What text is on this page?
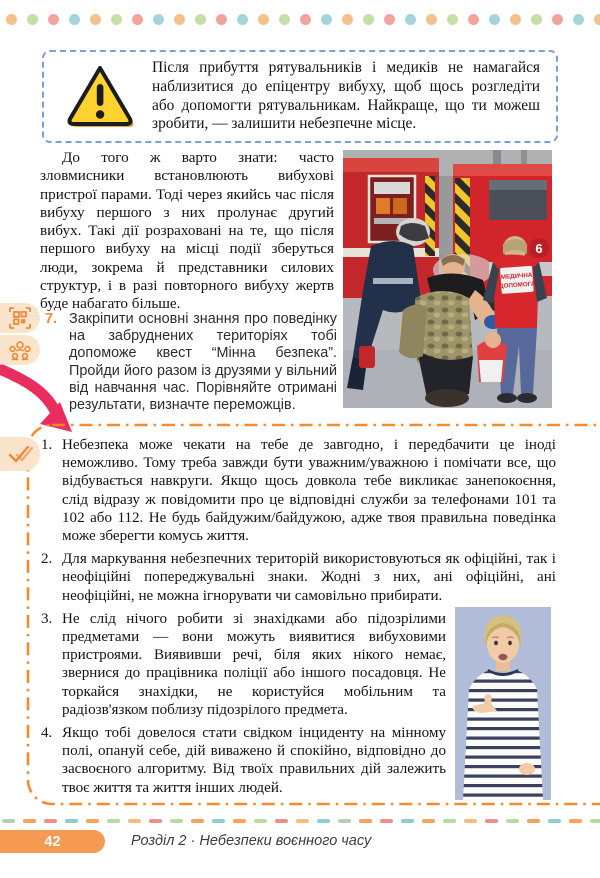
Після прибуття рятувальників і медиків не намагайся наблизитися до епіцентру вибуху, щоб щось розгледіти або допомогти рятувальникам. Найкраще, що ти можеш зробити, — залишити небезпечне місце.

До того ж варто знати: часто зловмисники встановлюють вибухові пристрої парами. Тоді через якийсь час після вибуху першого з них пролунає другий вибух. Такі дії розраховані на те, що після першого вибуху на місці події зберуться люди, зокрема й представники силових структур, і в разі повторного вибуху жертв буде набагато більше.

7. Закріпити основні знання про поведінку на забруднених територіях тобі допоможе квест “Мінна безпека”. Пройди його разом із друзями у вільний від навчання час. Порівняйте отримані результати, визначте переможців.

6
МЕДИЧНА
ДОПОМОГА
1. Небезпека може чекати на тебе де завгодно, і передбачити це іноді неможливо. Тому треба завжди бути уважним/уважною і помічати все, що відбувається навкруги. Якщо щось довкола тебе викликає занепокоєння, слід відразу ж повідомити про це відповідні служби за телефонами 101 та 102 або 112. Не будь байдужим/байдужою, адже твоя правильна поведінка може зберегти комусь життя.
2. Для маркування небезпечних територій використовуються як офіційні, так і неофіційні попереджувальні знаки. Жодні з них, ані офіційні, ані неофіційні, не можна ігнорувати чи самовільно прибирати.
3. Не слід нічого робити зі знахідками або підозрілими предметами — вони можуть виявитися вибуховими пристроями. Виявивши речі, біля яких нікого немає, звернися до працівника поліції або іншого посадовця. Не торкайся знахідки, не користуйся мобільним та радіозв'язком поблизу підозрілого предмета.
4. Якщо тобі довелося стати свідком інциденту на мінному полі, опануй себе, дій виважено й спокійно, відповідно до засвоєного алгоритму. Від твоїх правильних дій залежить твоє життя та життя інших людей.
42	Розділ 2 · Небезпеки воєнного часу
